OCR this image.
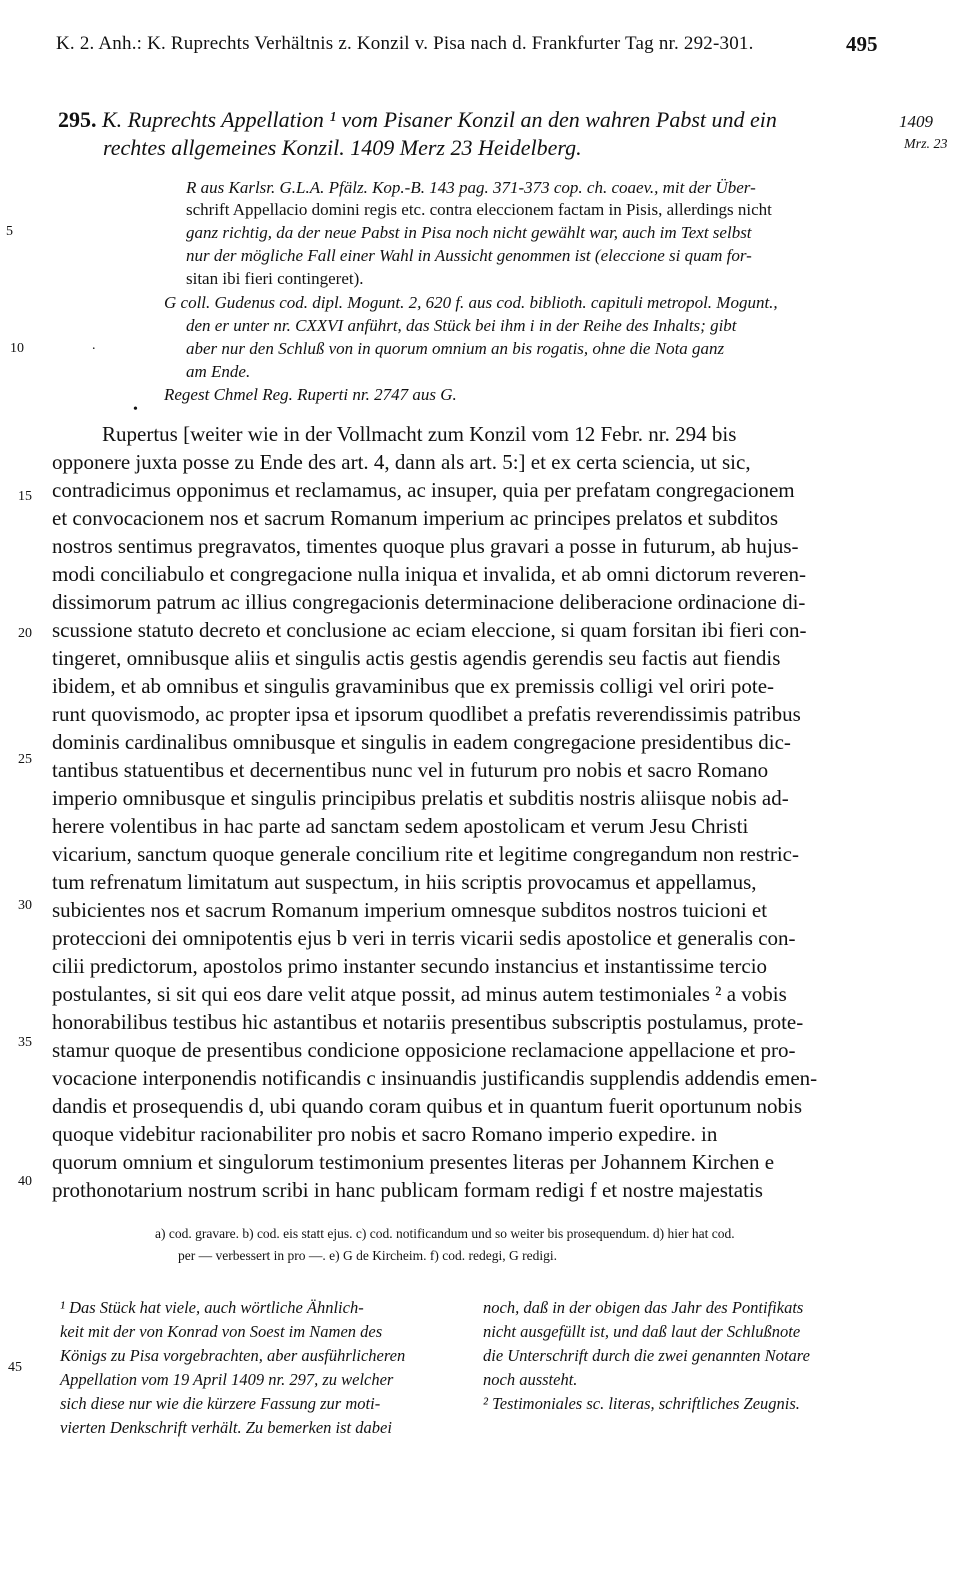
K. 2. Anh.: K. Ruprechts Verhältnis z. Konzil v. Pisa nach d. Frankfurter Tag nr. 292-301.	495
295. K. Ruprechts Appellation ¹ vom Pisaner Konzil an den wahren Pabst und ein
rechtes allgemeines Konzil. 1409 Merz 23 Heidelberg.
1409
Mrz. 23
R aus Karlsr. G.L.A. Pfälz. Kop.-B. 143 pag. 371-373 cop. ch. coaev., mit der Über-
schrift Appellacio domini regis etc. contra eleccionem factam in Pisis, allerdings nicht
ganz richtig, da der neue Pabst in Pisa noch nicht gewählt war, auch im Text selbst
nur der mögliche Fall einer Wahl in Aussicht genommen ist (eleccione si quam for-
sitan ibi fieri contingeret).
G coll. Gudenus cod. dipl. Mogunt. 2, 620 f. aus cod. biblioth. capituli metropol. Mogunt.,
den er unter nr. CXXVI anführt, das Stück bei ihm i in der Reihe des Inhalts; gibt
aber nur den Schluß von in quorum omnium an bis rogatis, ohne die Nota ganz
am Ende.
Regest Chmel Reg. Ruperti nr. 2747 aus G.
•
.
5
10
15
20
25
30
35
40
45
Rupertus [weiter wie in der Vollmacht zum Konzil vom 12 Febr. nr. 294 bis
opponere juxta posse zu Ende des art. 4, dann als art. 5:] et ex certa sciencia, ut sic,
contradicimus opponimus et reclamamus, ac insuper, quia per prefatam congregacionem
et convocacionem nos et sacrum Romanum imperium ac principes prelatos et subditos
nostros sentimus pregravatos, timentes quoque plus gravari a posse in futurum, ab hujus-
modi conciliabulo et congregacione nulla iniqua et invalida, et ab omni dictorum reveren-
dissimorum patrum ac illius congregacionis determinacione deliberacione ordinacione di-
scussione statuto decreto et conclusione ac eciam eleccione, si quam forsitan ibi fieri con-
tingeret, omnibusque aliis et singulis actis gestis agendis gerendis seu factis aut fiendis
ibidem, et ab omnibus et singulis gravaminibus que ex premissis colligi vel oriri pote-
runt quovismodo, ac propter ipsa et ipsorum quodlibet a prefatis reverendissimis patribus
dominis cardinalibus omnibusque et singulis in eadem congregacione presidentibus dic-
tantibus statuentibus et decernentibus nunc vel in futurum pro nobis et sacro Romano
imperio omnibusque et singulis principibus prelatis et subditis nostris aliisque nobis ad-
herere volentibus in hac parte ad sanctam sedem apostolicam et verum Jesu Christi
vicarium, sanctum quoque generale concilium rite et legitime congregandum non restric-
tum refrenatum limitatum aut suspectum, in hiis scriptis provocamus et appellamus,
subicientes nos et sacrum Romanum imperium omnesque subditos nostros tuicioni et
proteccioni dei omnipotentis ejus b veri in terris vicarii sedis apostolice et generalis con-
cilii predictorum, apostolos primo instanter secundo instancius et instantissime tercio
postulantes, si sit qui eos dare velit atque possit, ad minus autem testimoniales ² a vobis
honorabilibus testibus hic astantibus et notariis presentibus subscriptis postulamus, prote-
stamur quoque de presentibus condicione opposicione reclamacione appellacione et pro-
vocacione interponendis notificandis c insinuandis justificandis supplendis addendis emen-
dandis et prosequendis d, ubi quando coram quibus et in quantum fuerit oportunum nobis
quoque videbitur racionabiliter pro nobis et sacro Romano imperio expedire. in
quorum omnium et singulorum testimonium presentes literas per Johannem Kirchen e
prothonotarium nostrum scribi in hanc publicam formam redigi f et nostre majestatis
a) cod. gravare. b) cod. eis statt ejus. c) cod. notificandum und so weiter bis prosequendum. d) hier hat cod.
per — verbessert in pro —. e) G de Kircheim. f) cod. redegi, G redigi.
¹ Das Stück hat viele, auch wörtliche Ähnlich-
keit mit der von Konrad von Soest im Namen des
Königs zu Pisa vorgebrachten, aber ausführlicheren
Appellation vom 19 April 1409 nr. 297, zu welcher
sich diese nur wie die kürzere Fassung zur moti-
vierten Denkschrift verhält. Zu bemerken ist dabei
noch, daß in der obigen das Jahr des Pontifikats
nicht ausgefüllt ist, und daß laut der Schlußnote
die Unterschrift durch die zwei genannten Notare
noch aussteht.
² Testimoniales sc. literas, schriftliches Zeugnis.
